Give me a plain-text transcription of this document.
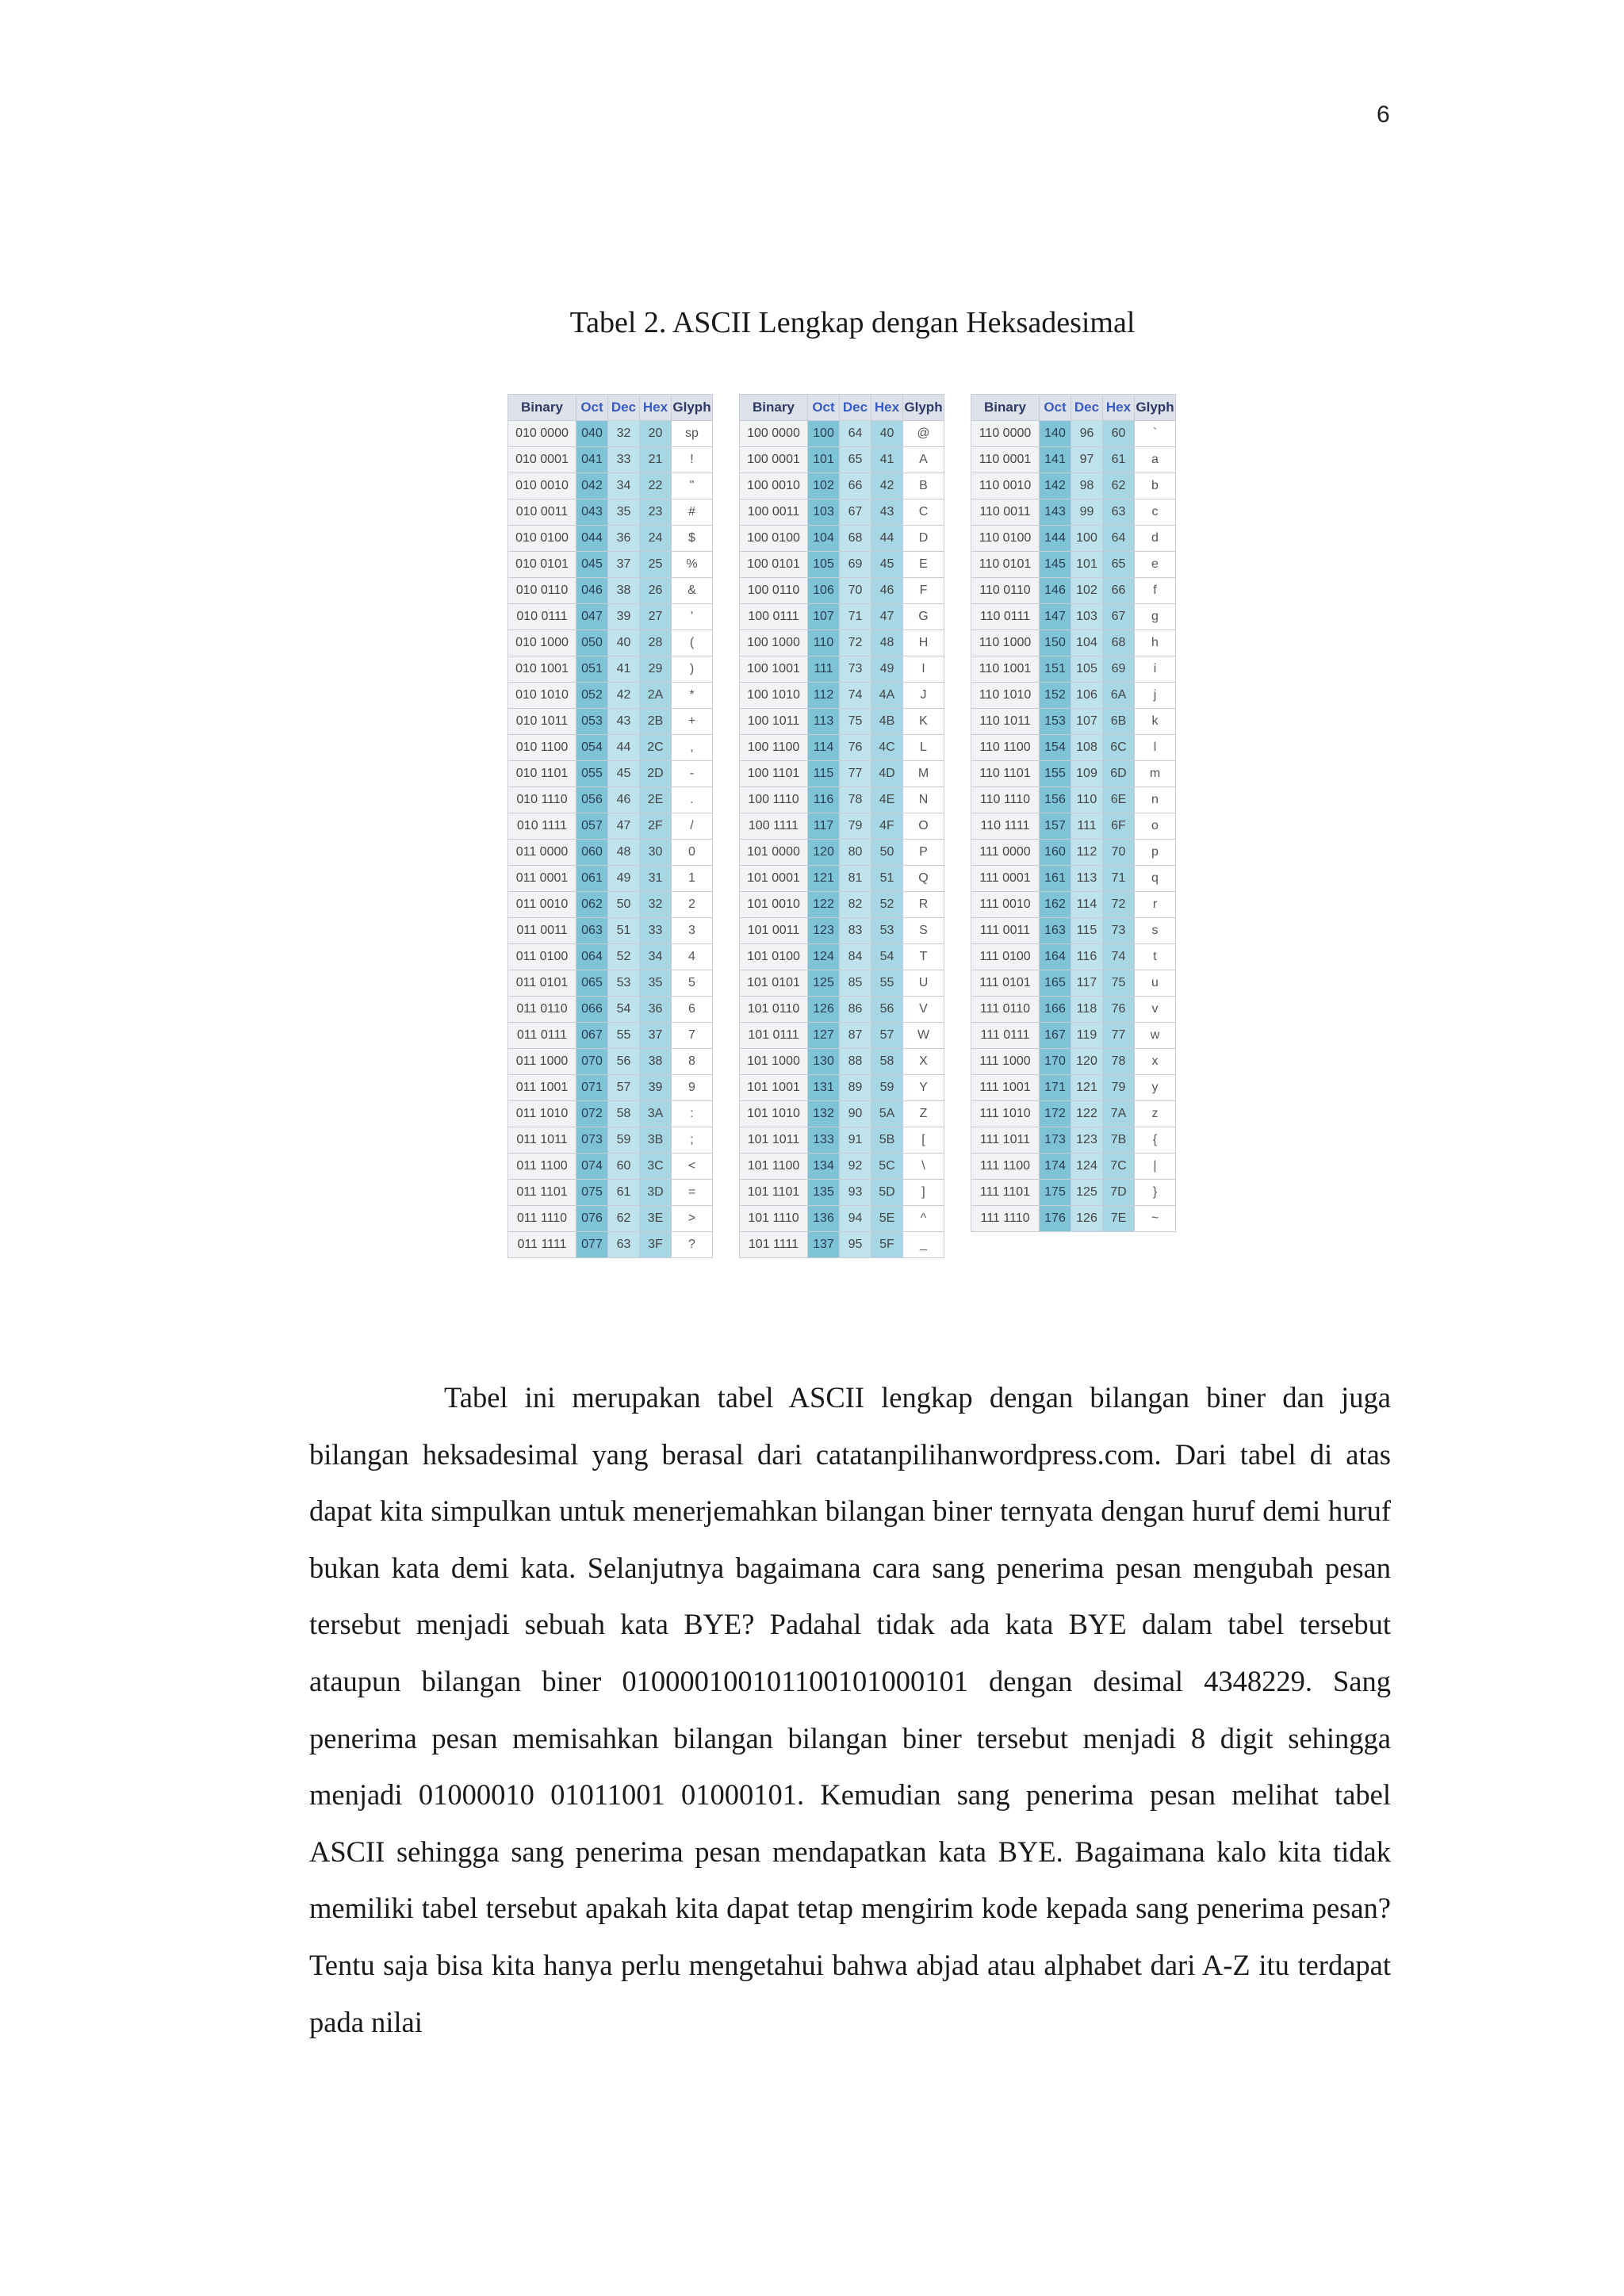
6
Tabel 2. ASCII Lengkap dengan Heksadesimal
Binary	Oct	Dec	Hex	Glyph
010 0000	040	32	20	sp
010 0001	041	33	21	!
010 0010	042	34	22	"
010 0011	043	35	23	#
010 0100	044	36	24	$
010 0101	045	37	25	%
010 0110	046	38	26	&
010 0111	047	39	27	'
010 1000	050	40	28	(
010 1001	051	41	29	)
010 1010	052	42	2A	*
010 1011	053	43	2B	+
010 1100	054	44	2C	,
010 1101	055	45	2D	-
010 1110	056	46	2E	.
010 1111	057	47	2F	/
011 0000	060	48	30	0
011 0001	061	49	31	1
011 0010	062	50	32	2
011 0011	063	51	33	3
011 0100	064	52	34	4
011 0101	065	53	35	5
011 0110	066	54	36	6
011 0111	067	55	37	7
011 1000	070	56	38	8
011 1001	071	57	39	9
011 1010	072	58	3A	:
011 1011	073	59	3B	;
011 1100	074	60	3C	<
011 1101	075	61	3D	=
011 1110	076	62	3E	>
011 1111	077	63	3F	?
Binary	Oct	Dec	Hex	Glyph
100 0000	100	64	40	@
100 0001	101	65	41	A
100 0010	102	66	42	B
100 0011	103	67	43	C
100 0100	104	68	44	D
100 0101	105	69	45	E
100 0110	106	70	46	F
100 0111	107	71	47	G
100 1000	110	72	48	H
100 1001	111	73	49	I
100 1010	112	74	4A	J
100 1011	113	75	4B	K
100 1100	114	76	4C	L
100 1101	115	77	4D	M
100 1110	116	78	4E	N
100 1111	117	79	4F	O
101 0000	120	80	50	P
101 0001	121	81	51	Q
101 0010	122	82	52	R
101 0011	123	83	53	S
101 0100	124	84	54	T
101 0101	125	85	55	U
101 0110	126	86	56	V
101 0111	127	87	57	W
101 1000	130	88	58	X
101 1001	131	89	59	Y
101 1010	132	90	5A	Z
101 1011	133	91	5B	[
101 1100	134	92	5C	\
101 1101	135	93	5D	]
101 1110	136	94	5E	^
101 1111	137	95	5F	_
Binary	Oct	Dec	Hex	Glyph
110 0000	140	96	60	`
110 0001	141	97	61	a
110 0010	142	98	62	b
110 0011	143	99	63	c
110 0100	144	100	64	d
110 0101	145	101	65	e
110 0110	146	102	66	f
110 0111	147	103	67	g
110 1000	150	104	68	h
110 1001	151	105	69	i
110 1010	152	106	6A	j
110 1011	153	107	6B	k
110 1100	154	108	6C	l
110 1101	155	109	6D	m
110 1110	156	110	6E	n
110 1111	157	111	6F	o
111 0000	160	112	70	p
111 0001	161	113	71	q
111 0010	162	114	72	r
111 0011	163	115	73	s
111 0100	164	116	74	t
111 0101	165	117	75	u
111 0110	166	118	76	v
111 0111	167	119	77	w
111 1000	170	120	78	x
111 1001	171	121	79	y
111 1010	172	122	7A	z
111 1011	173	123	7B	{
111 1100	174	124	7C	|
111 1101	175	125	7D	}
111 1110	176	126	7E	~

Tabel ini merupakan tabel ASCII lengkap dengan bilangan biner dan juga bilangan heksadesimal yang berasal dari catatanpilihanwordpress.com. Dari tabel di atas dapat kita simpulkan untuk menerjemahkan bilangan biner ternyata dengan huruf demi huruf bukan kata demi kata. Selanjutnya bagaimana cara sang penerima pesan mengubah pesan tersebut menjadi sebuah kata BYE? Padahal tidak ada kata BYE dalam tabel tersebut ataupun bilangan biner 010000100101100101000101 dengan desimal 4348229. Sang penerima pesan memisahkan bilangan bilangan biner tersebut menjadi 8 digit sehingga menjadi 01000010 01011001 01000101. Kemudian sang penerima pesan melihat tabel ASCII sehingga sang penerima pesan mendapatkan kata BYE. Bagaimana kalo kita tidak memiliki tabel tersebut apakah kita dapat tetap mengirim kode kepada sang penerima pesan? Tentu saja bisa kita hanya perlu mengetahui bahwa abjad atau alphabet dari A-Z itu terdapat pada nilai
